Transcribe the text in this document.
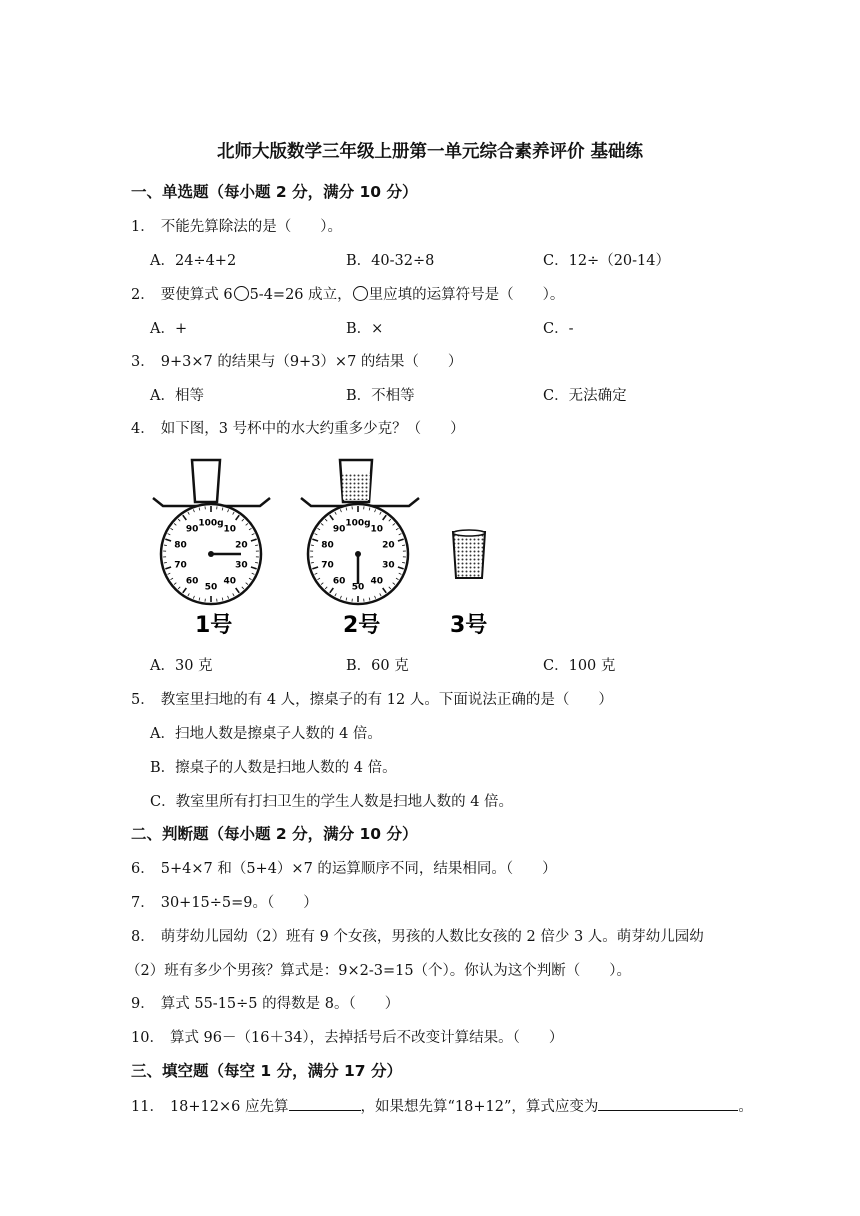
北师大版数学三年级上册第一单元综合素养评价 基础练
一、单选题（每小题 2 分，满分 10 分）
1． 不能先算除法的是（　　）。
A．24÷4+2	B．40-32÷8	C．12÷（20-14）
2． 要使算式 6 5-4=26 成立， 里应填的运算符号是（　　）。
A．+	B．×	C．-
3． 9+3×7 的结果与（9+3）×7 的结果（　　）
A．相等	B．不相等	C．无法确定
4． 如下图，3 号杯中的水大约重多少克？（　　）
100g
10
20
30
40
50
60
70
80
90
1号
100g
10
20
30
40
50
60
70
80
90
2号	3号
A．30 克	B．60 克	C．100 克
5． 教室里扫地的有 4 人，擦桌子的有 12 人。下面说法正确的是（　　）
A．扫地人数是擦桌子人数的 4 倍。
B．擦桌子的人数是扫地人数的 4 倍。
C．教室里所有打扫卫生的学生人数是扫地人数的 4 倍。
二、判断题（每小题 2 分，满分 10 分）
6． 5+4×7 和（5+4）×7 的运算顺序不同，结果相同。（　　）
7． 30+15÷5=9。（　　）
8． 萌芽幼儿园幼（2）班有 9 个女孩，男孩的人数比女孩的 2 倍少 3 人。萌芽幼儿园幼
（2）班有多少个男孩？算式是：9×2-3=15（个）。你认为这个判断（　　）。
9． 算式 55-15÷5 的得数是 8。（　　）
10． 算式 96－（16＋34），去掉括号后不改变计算结果。（　　）
三、填空题（每空 1 分，满分 17 分）
11． 18+12×6 应先算	，如果想先算“18+12”，算式应变为	。
